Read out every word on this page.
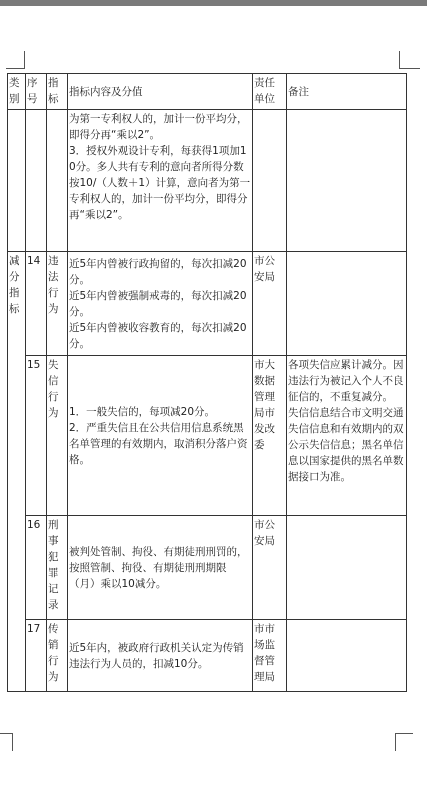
类别	序号	指标	指标内容及分值	责任单位	备注

			为第一专利权人的，加计一份平均分，即得分再“乘以2”。
3．授权外观设计专利，每获得1项加10分。多人共有专利的意向者所得分数按10/（人数＋1）计算，意向者为第一专利权人的，加计一份平均分，即得分再“乘以2”。		

减分指标	14	违法行为	近5年内曾被行政拘留的，每次扣减20分。
近5年内曾被强制戒毒的，每次扣减20分。
近5年内曾被收容教育的，每次扣减20分。	市公安局	
	15	失信行为	1．一般失信的，每项减20分。
2．严重失信且在公共信用信息系统黑名单管理的有效期内，取消积分落户资格。	市大数据管理局市发改委	各项失信应累计减分。因违法行为被记入个人不良征信的，不重复减分。
失信信息结合市文明交通失信信息和有效期内的双公示失信信息；黑名单信息以国家提供的黑名单数据接口为准。

	16	刑事犯罪记录	被判处管制、拘役、有期徒刑刑罚的，按照管制、拘役、有期徒刑刑期限（月）乘以10减分。	市公安局	
	17	传销行为	近5年内，被政府行政机关认定为传销违法行为人员的，扣减10分。	市市场监督管理局	
